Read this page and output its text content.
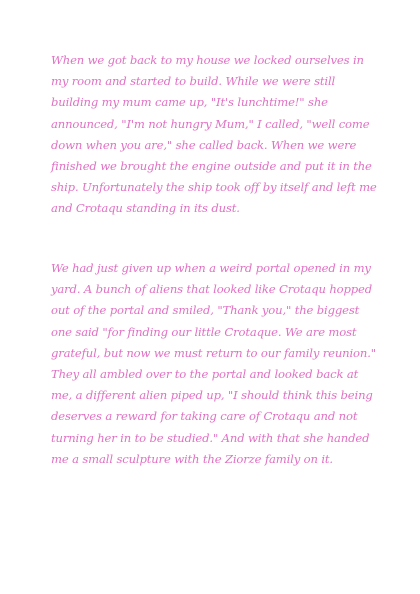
When we got back to my house we locked ourselves in my room and started to build. While we were still building my mum came up, "It's lunchtime!" she announced, "I'm not hungry Mum," I called, "well come down when you are," she called back. When we were finished we brought the engine outside and put it in the ship. Unfortunately the ship took off by itself and left me and Crotaqu standing in its dust.

We had just given up when a weird portal opened in my yard. A bunch of aliens that looked like Crotaqu hopped out of the portal and smiled, "Thank you," the biggest one said "for finding our little Crotaque. We are most grateful, but now we must return to our family reunion." They all ambled over to the portal and looked back at me, a different alien piped up, "I should think this being deserves a reward for taking care of Crotaqu and not turning her in to be studied." And with that she handed me a small sculpture with the Ziorze family on it.
